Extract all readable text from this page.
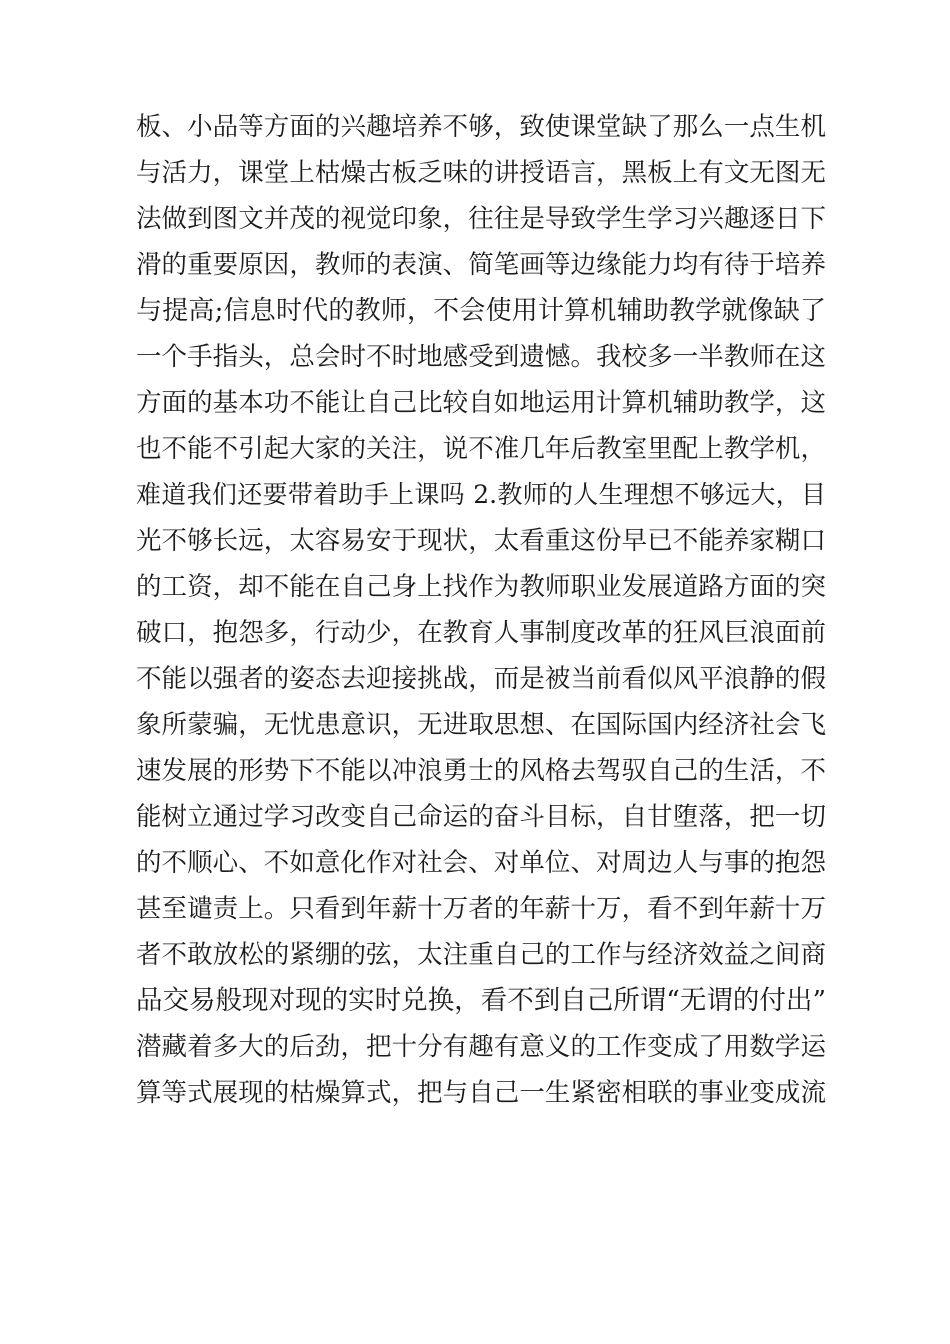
板、小品等方面的兴趣培养不够，致使课堂缺了那么一点生机
与活力，课堂上枯燥古板乏味的讲授语言，黑板上有文无图无
法做到图文并茂的视觉印象，往往是导致学生学习兴趣逐日下
滑的重要原因，教师的表演、简笔画等边缘能力均有待于培养
与提高;信息时代的教师，不会使用计算机辅助教学就像缺了
一个手指头，总会时不时地感受到遗憾。我校多一半教师在这
方面的基本功不能让自己比较自如地运用计算机辅助教学，这
也不能不引起大家的关注，说不准几年后教室里配上教学机，
难道我们还要带着助手上课吗 2.教师的人生理想不够远大，目
光不够长远，太容易安于现状，太看重这份早已不能养家糊口
的工资，却不能在自己身上找作为教师职业发展道路方面的突
破口，抱怨多，行动少，在教育人事制度改革的狂风巨浪面前
不能以强者的姿态去迎接挑战，而是被当前看似风平浪静的假
象所蒙骗，无忧患意识，无进取思想、在国际国内经济社会飞
速发展的形势下不能以冲浪勇士的风格去驾驭自己的生活，不
能树立通过学习改变自己命运的奋斗目标，自甘堕落，把一切
的不顺心、不如意化作对社会、对单位、对周边人与事的抱怨
甚至谴责上。只看到年薪十万者的年薪十万，看不到年薪十万
者不敢放松的紧绷的弦，太注重自己的工作与经济效益之间商
品交易般现对现的实时兑换，看不到自己所谓“无谓的付出”
潜藏着多大的后劲，把十分有趣有意义的工作变成了用数学运
算等式展现的枯燥算式，把与自己一生紧密相联的事业变成流
